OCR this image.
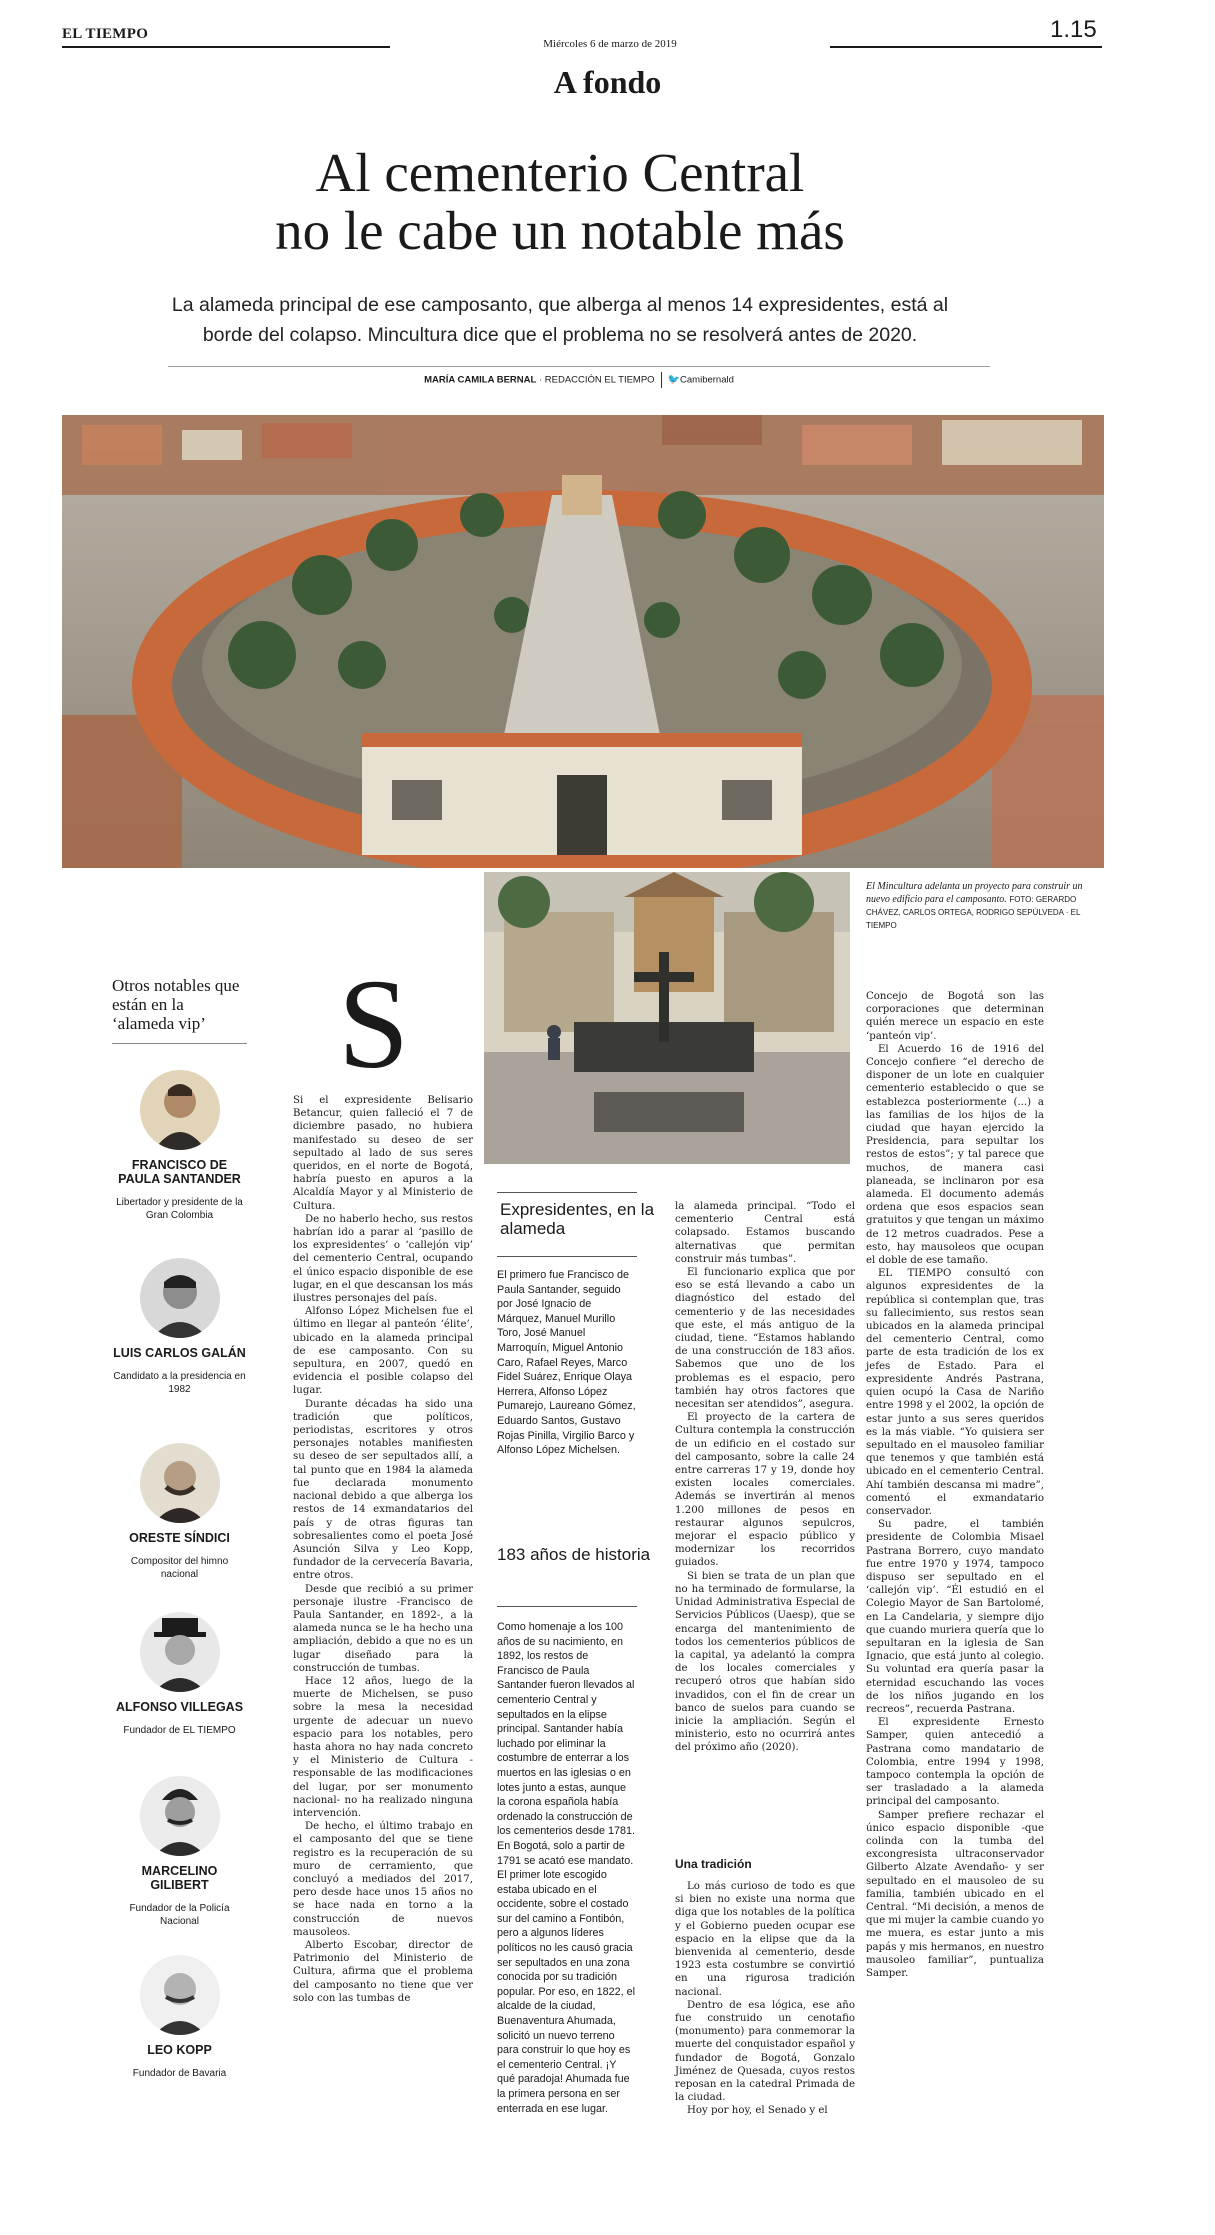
EL TIEMPO
Miércoles 6 de marzo de 2019
1.15
A fondo
Al cementerio Central
no le cabe un notable más
La alameda principal de ese camposanto, que alberga al menos 14 expresidentes, está al borde del colapso. Mincultura dice que el problema no se resolverá antes de 2020.
MARÍA CAMILA BERNAL · REDACCIÓN EL TIEMPO 🐦Camibernald
El Mincultura adelanta un proyecto para construir un nuevo edificio para el camposanto. FOTO: GERARDO CHÁVEZ, CARLOS ORTEGA, RODRIGO SEPÚLVEDA · EL TIEMPO
Otros notables que están en la ‘alameda vip’
FRANCISCO DE PAULA SANTANDER
Libertador y presidente de la Gran Colombia
LUIS CARLOS GALÁN
Candidato a la presidencia en 1982
ORESTE SÍNDICI
Compositor del himno nacional
ALFONSO VILLEGAS
Fundador de EL TIEMPO
MARCELINO GILIBERT
Fundador de la Policía Nacional
LEO KOPP
Fundador de Bavaria
S

Si el expresidente Belisario Betancur, quien falleció el 7 de diciembre pasado, no hubiera manifestado su deseo de ser sepultado al lado de sus seres queridos, en el norte de Bogotá, habría puesto en apuros a la Alcaldía Mayor y al Ministerio de Cultura.

De no haberlo hecho, sus restos habrían ido a parar al ‘pasillo de los expresidentes’ o ‘callejón vip’ del cementerio Central, ocupando el único espacio disponible de ese lugar, en el que descansan los más ilustres personajes del país.

Alfonso López Michelsen fue el último en llegar al panteón ‘élite’, ubicado en la alameda principal de ese camposanto. Con su sepultura, en 2007, quedó en evidencia el posible colapso del lugar.

Durante décadas ha sido una tradición que políticos, periodistas, escritores y otros personajes notables manifiesten su deseo de ser sepultados allí, a tal punto que en 1984 la alameda fue declarada monumento nacional debido a que alberga los restos de 14 exmandatarios del país y de otras figuras tan sobresalientes como el poeta José Asunción Silva y Leo Kopp, fundador de la cervecería Bavaria, entre otros.

Desde que recibió a su primer personaje ilustre -Francisco de Paula Santander, en 1892-, a la alameda nunca se le ha hecho una ampliación, debido a que no es un lugar diseñado para la construcción de tumbas.

Hace 12 años, luego de la muerte de Michelsen, se puso sobre la mesa la necesidad urgente de adecuar un nuevo espacio para los notables, pero hasta ahora no hay nada concreto y el Ministerio de Cultura -responsable de las modificaciones del lugar, por ser monumento nacional- no ha realizado ninguna intervención.

De hecho, el último trabajo en el camposanto del que se tiene registro es la recuperación de su muro de cerramiento, que concluyó a mediados del 2017, pero desde hace unos 15 años no se hace nada en torno a la construcción de nuevos mausoleos.

Alberto Escobar, director de Patrimonio del Ministerio de Cultura, afirma que el problema del camposanto no tiene que ver solo con las tumbas de

Expresidentes, en la alameda
El primero fue Francisco de Paula Santander, seguido por José Ignacio de Márquez, Manuel Murillo Toro, José Manuel Marroquín, Miguel Antonio Caro, Rafael Reyes, Marco Fidel Suárez, Enrique Olaya Herrera, Alfonso López Pumarejo, Laureano Gómez, Eduardo Santos, Gustavo Rojas Pinilla, Virgilio Barco y Alfonso López Michelsen.
183 años de historia
Como homenaje a los 100 años de su nacimiento, en 1892, los restos de Francisco de Paula Santander fueron llevados al cementerio Central y sepultados en la elipse principal. Santander había luchado por eliminar la costumbre de enterrar a los muertos en las iglesias o en lotes junto a estas, aunque la corona española había ordenado la construcción de los cementerios desde 1781. En Bogotá, solo a partir de 1791 se acató ese mandato. El primer lote escogido estaba ubicado en el occidente, sobre el costado sur del camino a Fontibón, pero a algunos líderes políticos no les causó gracia ser sepultados en una zona conocida por su tradición popular. Por eso, en 1822, el alcalde de la ciudad, Buenaventura Ahumada, solicitó un nuevo terreno para construir lo que hoy es el cementerio Central. ¡Y qué paradoja! Ahumada fue la primera persona en ser enterrada en ese lugar.

la alameda principal. “Todo el cementerio Central está colapsado. Estamos buscando alternativas que permitan construir más tumbas”.

El funcionario explica que por eso se está llevando a cabo un diagnóstico del estado del cementerio y de las necesidades que este, el más antiguo de la ciudad, tiene. “Estamos hablando de una construcción de 183 años. Sabemos que uno de los problemas es el espacio, pero también hay otros factores que necesitan ser atendidos”, asegura.

El proyecto de la cartera de Cultura contempla la construcción de un edificio en el costado sur del camposanto, sobre la calle 24 entre carreras 17 y 19, donde hoy existen locales comerciales. Además se invertirán al menos 1.200 millones de pesos en restaurar algunos sepulcros, mejorar el espacio público y modernizar los recorridos guiados.

Si bien se trata de un plan que no ha terminado de formularse, la Unidad Administrativa Especial de Servicios Públicos (Uaesp), que se encarga del mantenimiento de todos los cementerios públicos de la capital, ya adelantó la compra de los locales comerciales y recuperó otros que habían sido invadidos, con el fin de crear un banco de suelos para cuando se inicie la ampliación. Según el ministerio, esto no ocurrirá antes del próximo año (2020).

Una tradición

Lo más curioso de todo es que si bien no existe una norma que diga que los notables de la política y el Gobierno pueden ocupar ese espacio en la elipse que da la bienvenida al cementerio, desde 1923 esta costumbre se convirtió en una rigurosa tradición nacional.

Dentro de esa lógica, ese año fue construido un cenotafio (monumento) para conmemorar la muerte del conquistador español y fundador de Bogotá, Gonzalo Jiménez de Quesada, cuyos restos reposan en la catedral Primada de la ciudad.

Hoy por hoy, el Senado y el

Concejo de Bogotá son las corporaciones que determinan quién merece un espacio en este ‘panteón vip’.

El Acuerdo 16 de 1916 del Concejo confiere “el derecho de disponer de un lote en cualquier cementerio establecido o que se establezca posteriormente (...) a las familias de los hijos de la ciudad que hayan ejercido la Presidencia, para sepultar los restos de estos”; y tal parece que muchos, de manera casi planeada, se inclinaron por esa alameda. El documento además ordena que esos espacios sean gratuitos y que tengan un máximo de 12 metros cuadrados. Pese a esto, hay mausoleos que ocupan el doble de ese tamaño.

EL TIEMPO consultó con algunos expresidentes de la república si contemplan que, tras su fallecimiento, sus restos sean ubicados en la alameda principal del cementerio Central, como parte de esta tradición de los ex jefes de Estado. Para el expresidente Andrés Pastrana, quien ocupó la Casa de Nariño entre 1998 y el 2002, la opción de estar junto a sus seres queridos es la más viable. “Yo quisiera ser sepultado en el mausoleo familiar que tenemos y que también está ubicado en el cementerio Central. Ahí también descansa mi madre”, comentó el exmandatario conservador.

Su padre, el también presidente de Colombia Misael Pastrana Borrero, cuyo mandato fue entre 1970 y 1974, tampoco dispuso ser sepultado en el ‘callejón vip’. “Él estudió en el Colegio Mayor de San Bartolomé, en La Candelaria, y siempre dijo que cuando muriera quería que lo sepultaran en la iglesia de San Ignacio, que está junto al colegio. Su voluntad era quería pasar la eternidad escuchando las voces de los niños jugando en los recreos”, recuerda Pastrana.

El expresidente Ernesto Samper, quien antecedió a Pastrana como mandatario de Colombia, entre 1994 y 1998, tampoco contempla la opción de ser trasladado a la alameda principal del camposanto.

Samper prefiere rechazar el único espacio disponible -que colinda con la tumba del excongresista ultraconservador Gilberto Alzate Avendaño- y ser sepultado en el mausoleo de su familia, también ubicado en el Central. “Mi decisión, a menos de que mi mujer la cambie cuando yo me muera, es estar junto a mis papás y mis hermanos, en nuestro mausoleo familiar”, puntualiza Samper.
